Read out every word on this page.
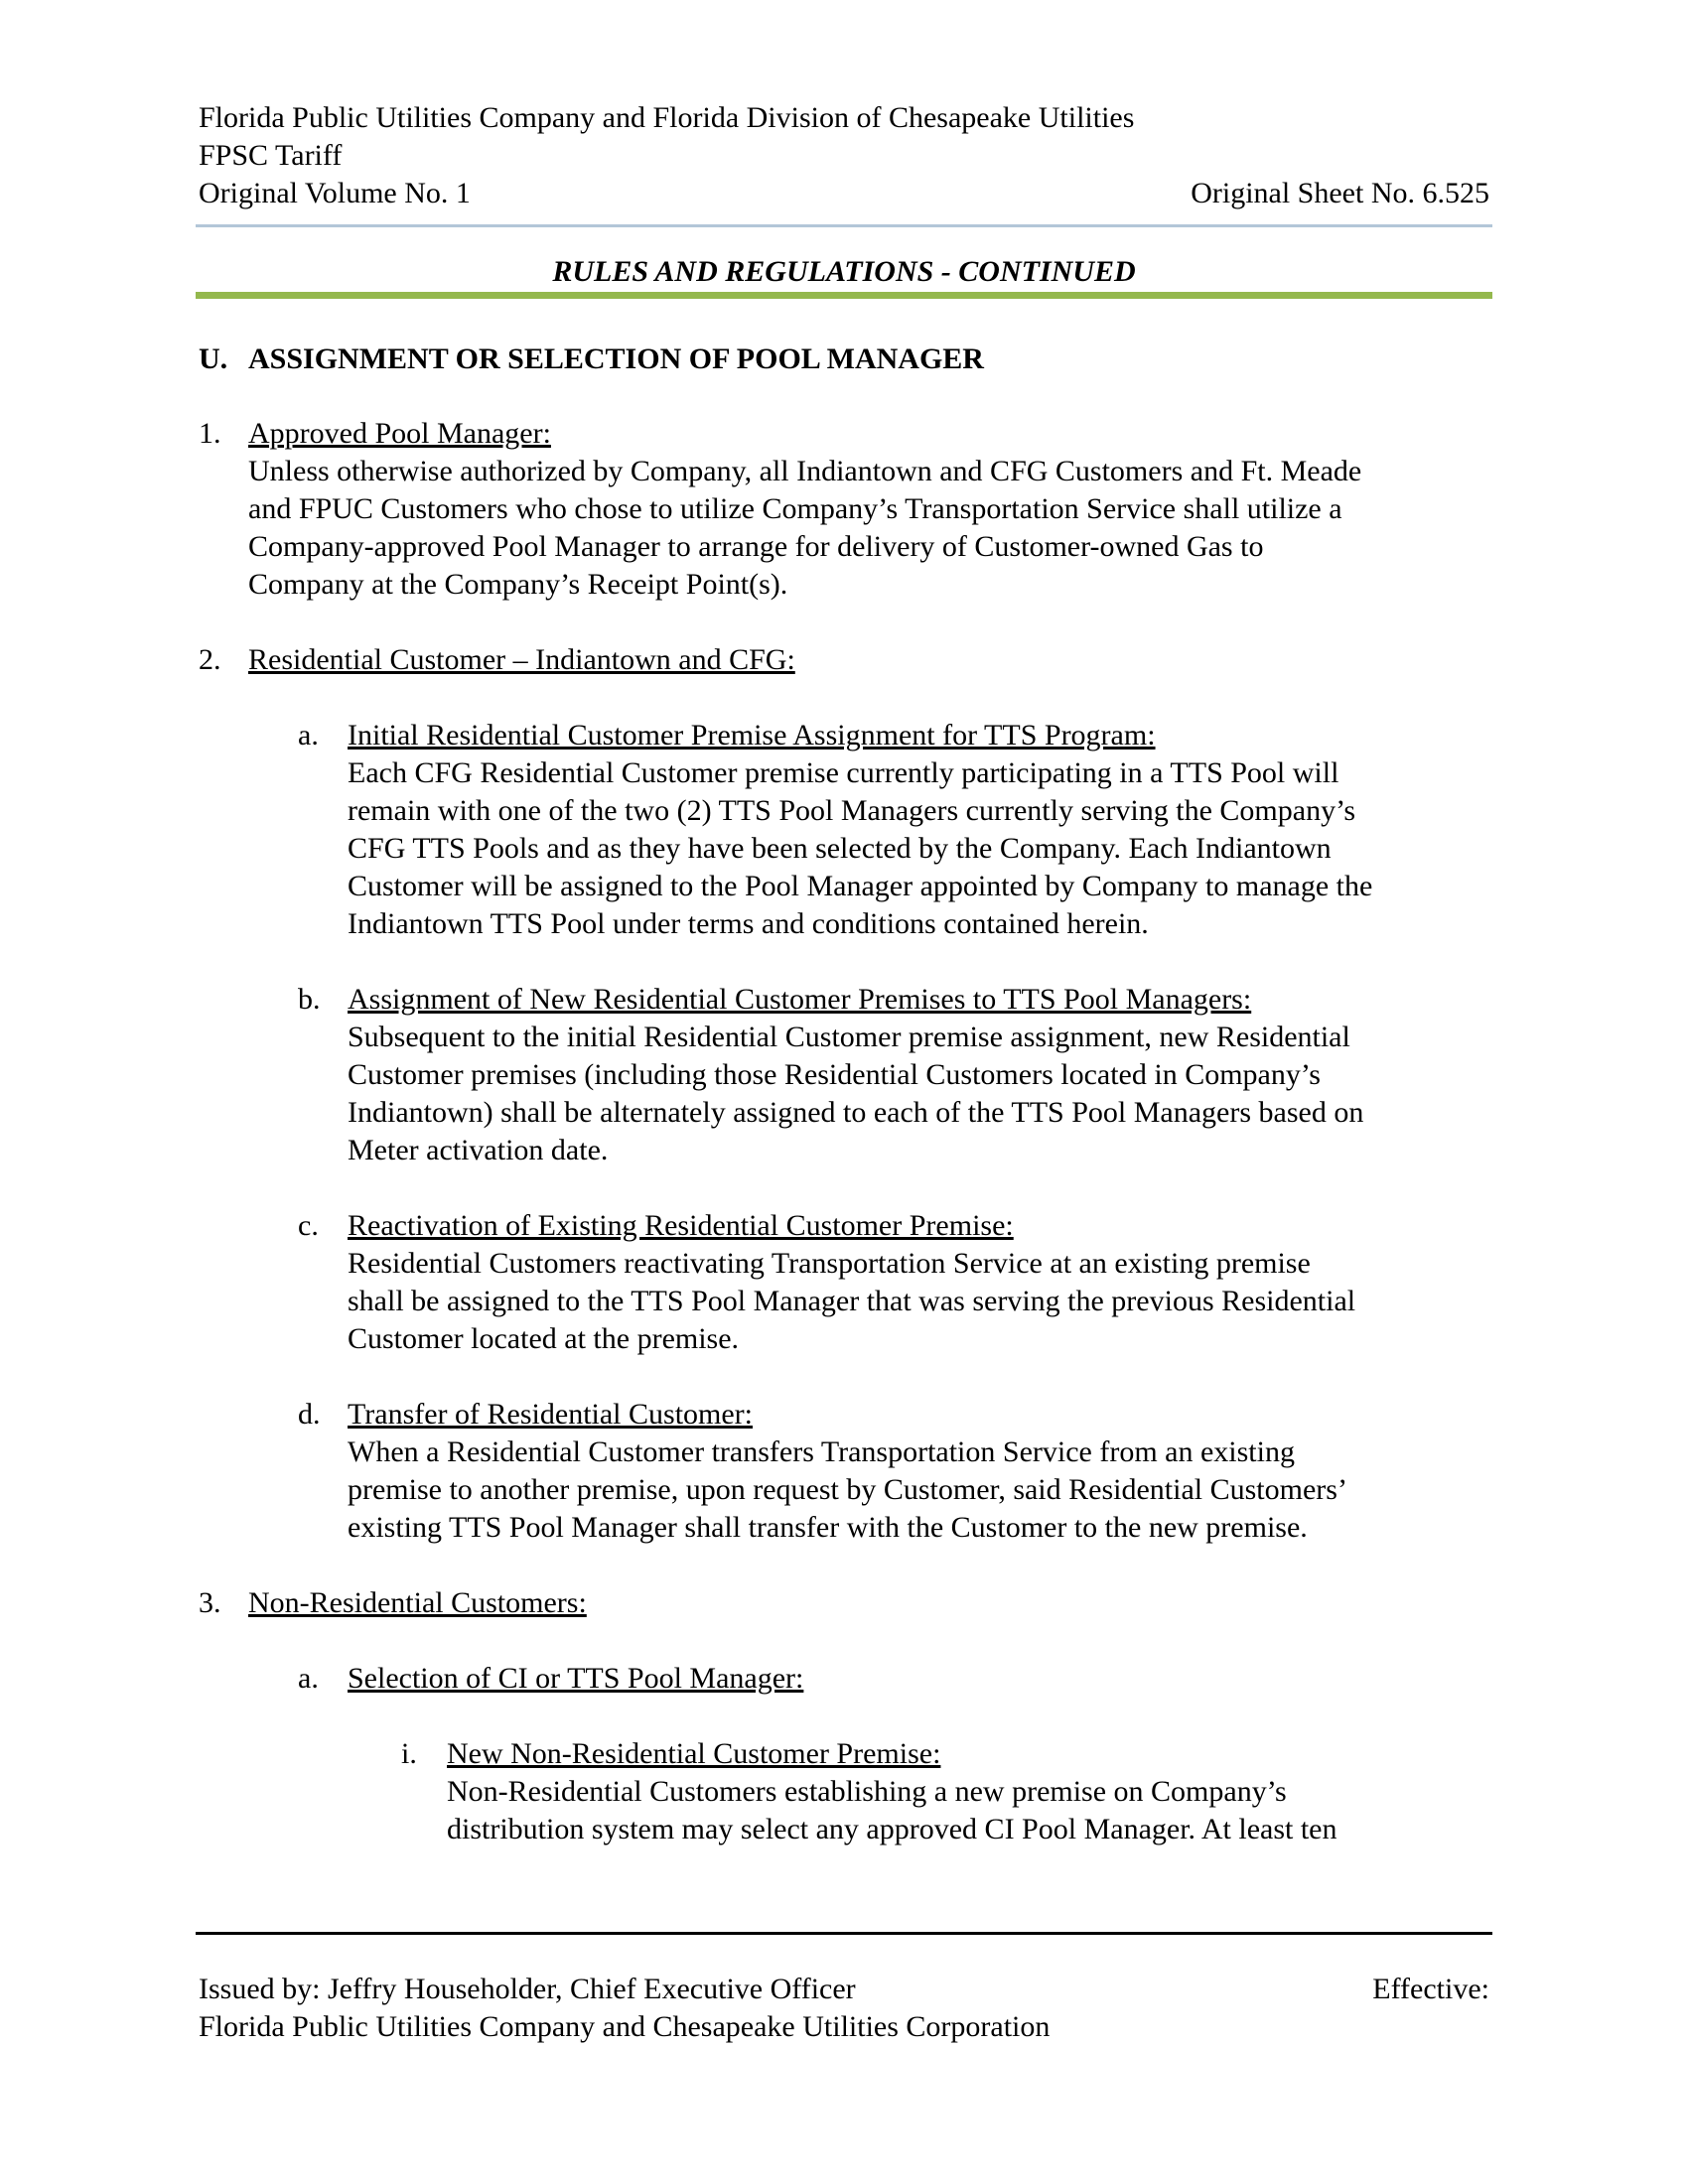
Florida Public Utilities Company and Florida Division of Chesapeake Utilities
FPSC Tariff
Original Volume No. 1	Original Sheet No. 6.525
RULES AND REGULATIONS - CONTINUED
U. ASSIGNMENT OR SELECTION OF POOL MANAGER
1. Approved Pool Manager:
Unless otherwise authorized by Company, all Indiantown and CFG Customers and Ft. Meade
and FPUC Customers who chose to utilize Company’s Transportation Service shall utilize a
Company-approved Pool Manager to arrange for delivery of Customer-owned Gas to
Company at the Company’s Receipt Point(s).
2. Residential Customer – Indiantown and CFG:
a. Initial Residential Customer Premise Assignment for TTS Program:
Each CFG Residential Customer premise currently participating in a TTS Pool will
remain with one of the two (2) TTS Pool Managers currently serving the Company’s
CFG TTS Pools and as they have been selected by the Company. Each Indiantown
Customer will be assigned to the Pool Manager appointed by Company to manage the
Indiantown TTS Pool under terms and conditions contained herein.
b. Assignment of New Residential Customer Premises to TTS Pool Managers:
Subsequent to the initial Residential Customer premise assignment, new Residential
Customer premises (including those Residential Customers located in Company’s
Indiantown) shall be alternately assigned to each of the TTS Pool Managers based on
Meter activation date.
c. Reactivation of Existing Residential Customer Premise:
Residential Customers reactivating Transportation Service at an existing premise
shall be assigned to the TTS Pool Manager that was serving the previous Residential
Customer located at the premise.
d. Transfer of Residential Customer:
When a Residential Customer transfers Transportation Service from an existing
premise to another premise, upon request by Customer, said Residential Customers’
existing TTS Pool Manager shall transfer with the Customer to the new premise.
3. Non-Residential Customers:
a. Selection of CI or TTS Pool Manager:
i. New Non-Residential Customer Premise:
Non-Residential Customers establishing a new premise on Company’s
distribution system may select any approved CI Pool Manager. At least ten
Issued by: Jeffry Householder, Chief Executive Officer	Effective:
Florida Public Utilities Company and Chesapeake Utilities Corporation
